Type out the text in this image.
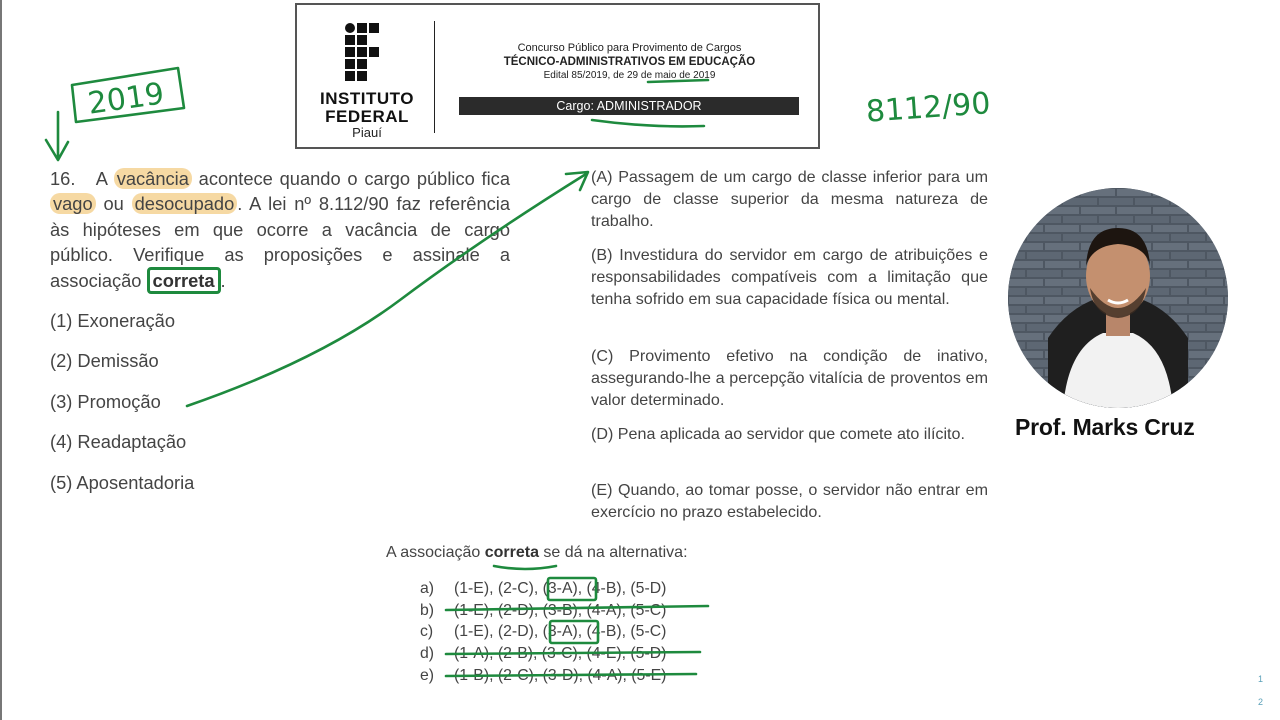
INSTITUTO
FEDERAL
Piauí
Concurso Público para Provimento de Cargos
TÉCNICO-ADMINISTRATIVOS EM EDUCAÇÃO
Edital 85/2019, de 29 de maio de 2019
Cargo: ADMINISTRADOR
16. A vacância acontece quando o cargo público fica vago ou desocupado . A lei nº 8.112/90 faz referência às hipóteses em que ocorre a vacância de cargo público. Verifique as proposições e assinale a associação correta .
(1) Exoneração
(2) Demissão
(3) Promoção
(4) Readaptação
(5) Aposentadoria
(A) Passagem de um cargo de classe inferior para um cargo de classe superior da mesma natureza de trabalho.
(B) Investidura do servidor em cargo de atribuições e responsabilidades compatíveis com a limitação que tenha sofrido em sua capacidade física ou mental.
(C) Provimento efetivo na condição de inativo, assegurando-lhe a percepção vitalícia de proventos em valor determinado.
(D) Pena aplicada ao servidor que comete ato ilícito.
(E) Quando, ao tomar posse, o servidor não entrar em exercício no prazo estabelecido.
A associação correta se dá na alternativa:
a) (1-E), (2-C), (3-A), (4-B), (5-D)
b) (1-E), (2-D), (3-B), (4-A), (5-C)
c) (1-E), (2-D), (3-A), (4-B), (5-C)
d) (1-A), (2-B), (3-C), (4-E), (5-D)
e) (1-B), (2-C), (3-D), (4-A), (5-E)
Prof. Marks Cruz
1
2
2019	8112/90
